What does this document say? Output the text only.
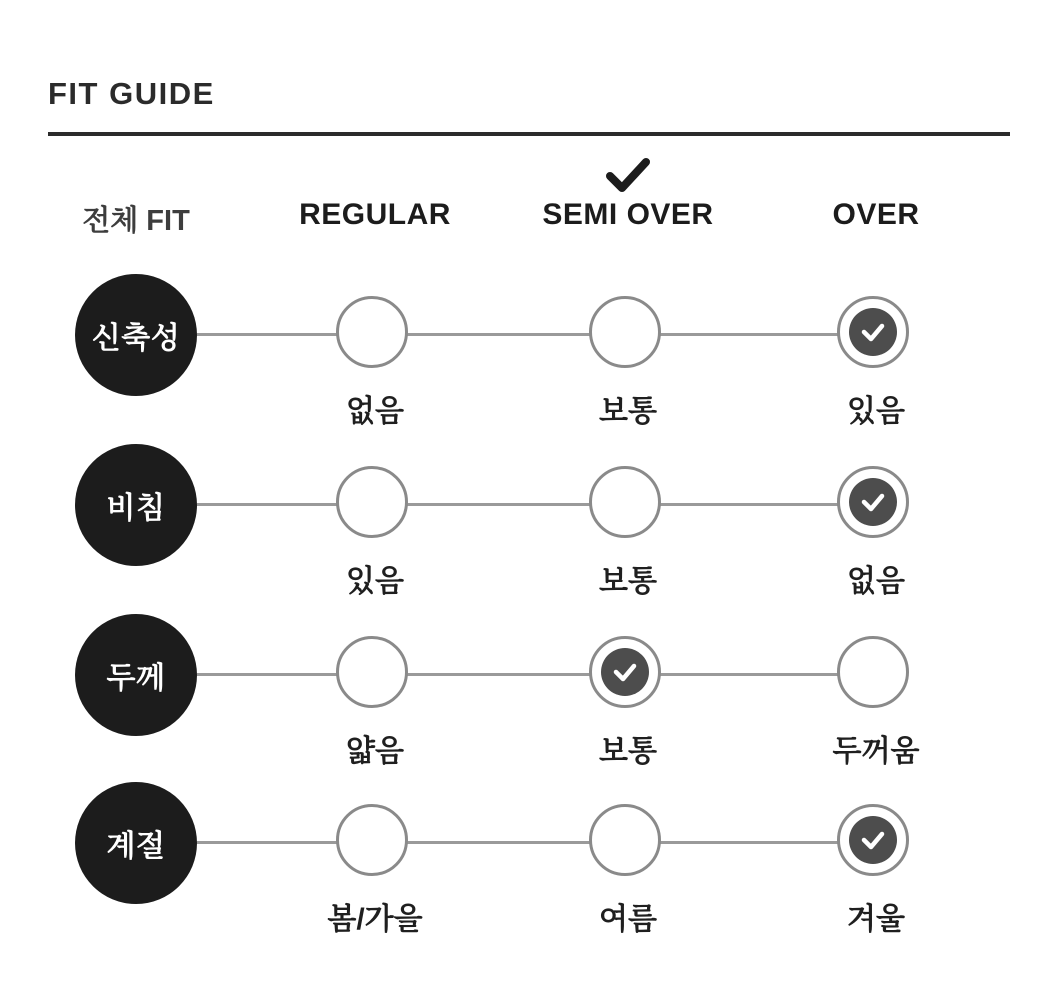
FIT GUIDE
전체 FIT	REGULAR	SEMI OVER	OVER
신축성
없음	보통	있음
비침
있음	보통	없음
두께
얇음	보통	두꺼움
계절
봄/가을	여름	겨울
